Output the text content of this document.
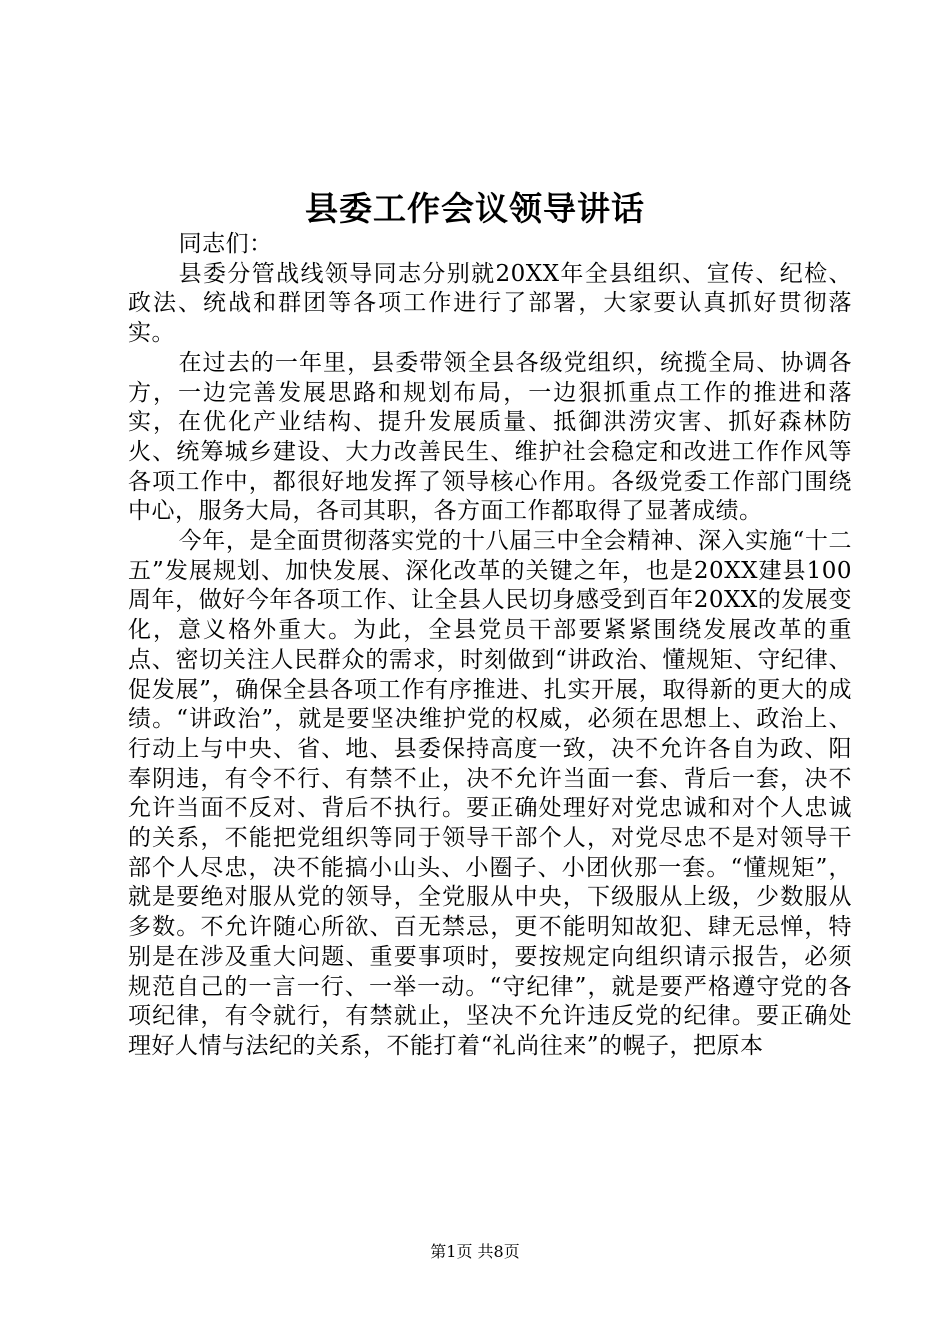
县委工作会议领导讲话
同志们：

县委分管战线领导同志分别就20XX年全县组织、宣传、纪检、政法、统战和群团等各项工作进行了部署，大家要认真抓好贯彻落实。

在过去的一年里，县委带领全县各级党组织，统揽全局、协调各方，一边完善发展思路和规划布局，一边狠抓重点工作的推进和落实，在优化产业结构、提升发展质量、抵御洪涝灾害、抓好森林防火、统筹城乡建设、大力改善民生、维护社会稳定和改进工作作风等各项工作中，都很好地发挥了领导核心作用。各级党委工作部门围绕中心，服务大局，各司其职，各方面工作都取得了显著成绩。

今年，是全面贯彻落实党的十八届三中全会精神、深入实施“十二五”发展规划、加快发展、深化改革的关键之年，也是20XX建县100周年，做好今年各项工作、让全县人民切身感受到百年20XX的发展变化，意义格外重大。为此，全县党员干部要紧紧围绕发展改革的重点、密切关注人民群众的需求，时刻做到“讲政治、懂规矩、守纪律、促发展”，确保全县各项工作有序推进、扎实开展，取得新的更大的成绩。“讲政治”，就是要坚决维护党的权威，必须在思想上、政治上、行动上与中央、省、地、县委保持高度一致，决不允许各自为政、阳奉阴违，有令不行、有禁不止，决不允许当面一套、背后一套，决不允许当面不反对、背后不执行。要正确处理好对党忠诚和对个人忠诚的关系，不能把党组织等同于领导干部个人，对党尽忠不是对领导干部个人尽忠，决不能搞小山头、小圈子、小团伙那一套。“懂规矩”，就是要绝对服从党的领导，全党服从中央，下级服从上级，少数服从多数。不允许随心所欲、百无禁忌，更不能明知故犯、肆无忌惮，特别是在涉及重大问题、重要事项时，要按规定向组织请示报告，必须规范自己的一言一行、一举一动。“守纪律”，就是要严格遵守党的各项纪律，有令就行，有禁就止，坚决不允许违反党的纪律。要正确处理好人情与法纪的关系，不能打着“礼尚往来”的幌子，把原本

第1页 共8页
